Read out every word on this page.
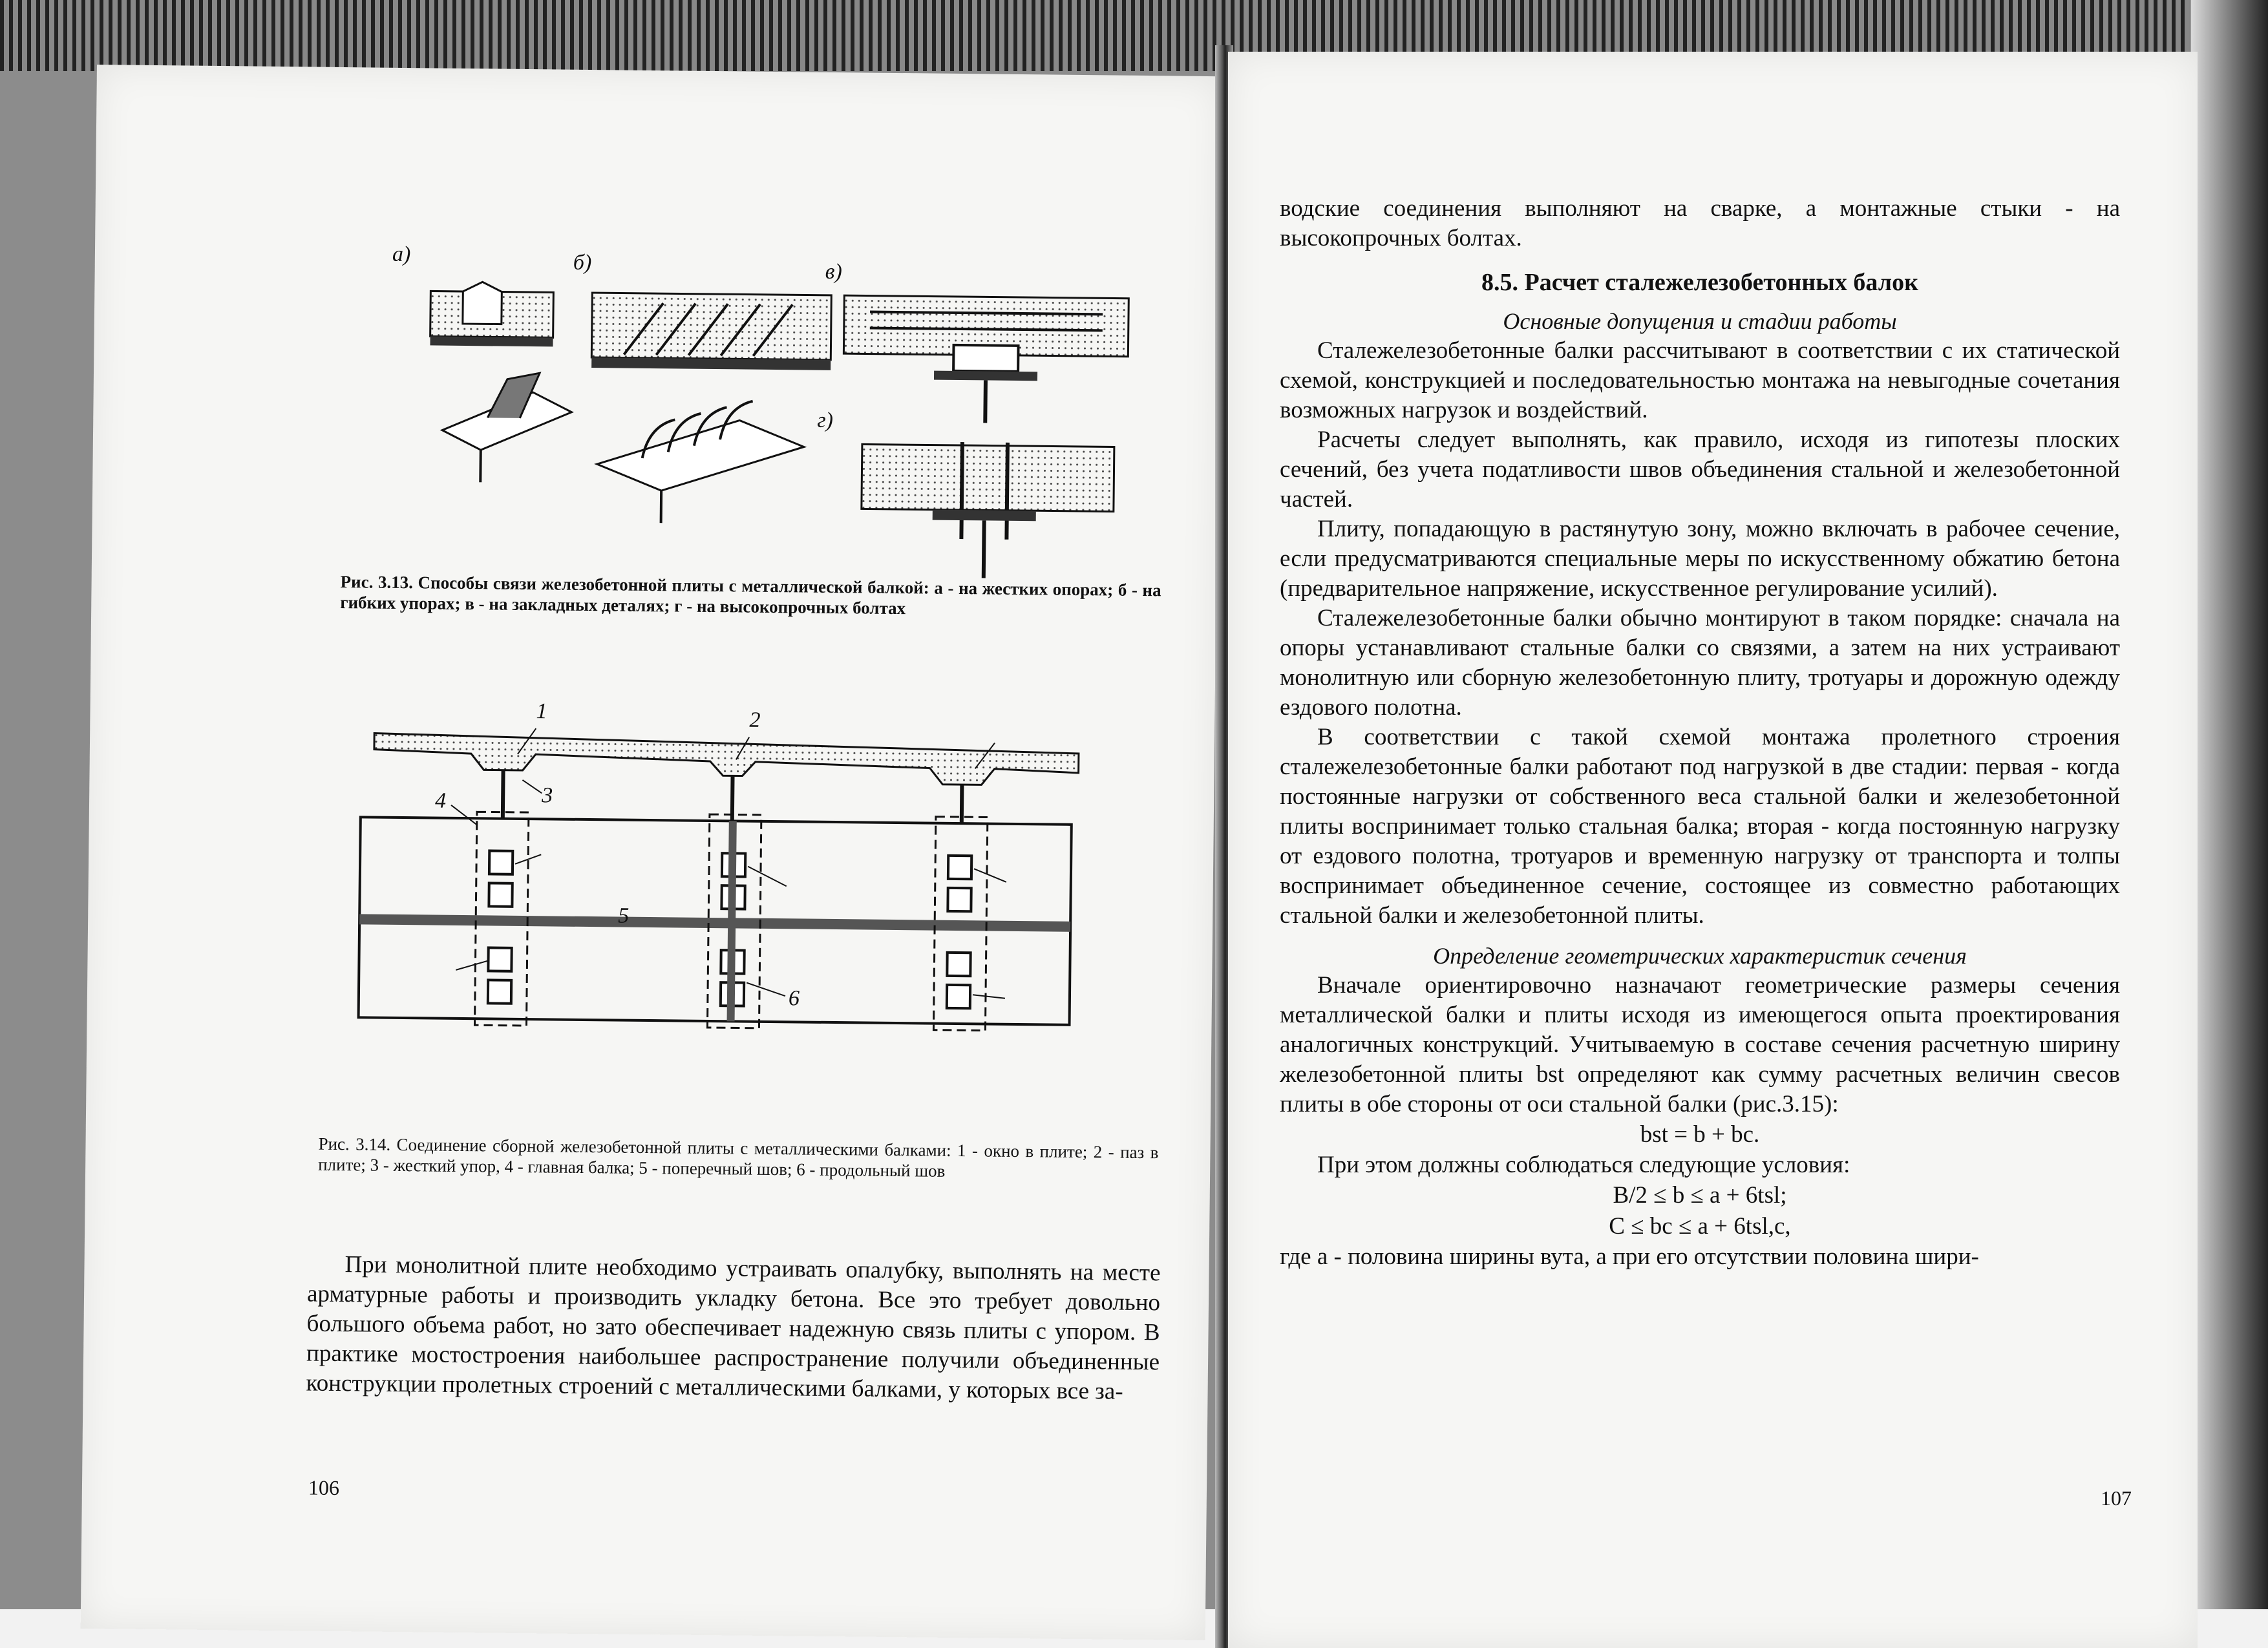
а)	б)	в)
г)

Рис. 3.13. Способы связи железобетонной плиты с металлической балкой: а - на жестких опорах; б - на гибких упорах; в - на закладных деталях; г - на высокопрочных болтах

1	2
3
4
5
6

Рис. 3.14. Соединение сборной железобетонной плиты с металлическими балками: 1 - окно в плите; 2 - паз в плите; 3 - жесткий упор, 4 - главная балка; 5 - поперечный шов; 6 - продольный шов

При монолитной плите необходимо устраивать опалубку, выполнять на месте арматурные работы и производить укладку бетона. Все это требует довольно большого объема работ, но зато обеспечивает надежную связь плиты с упором. В практике мостостроения наибольшее распространение получили объединенные конструкции пролетных строений с металлическими балками, у которых все за-

106

водские соединения выполняют на сварке, а монтажные стыки - на высокопрочных болтах.

8.5. Расчет сталежелезобетонных балок

Основные допущения и стадии работы

Сталежелезобетонные балки рассчитывают в соответствии с их статической схемой, конструкцией и последовательностью монтажа на невыгодные сочетания возможных нагрузок и воздействий.

Расчеты следует выполнять, как правило, исходя из гипотезы плоских сечений, без учета податливости швов объединения стальной и железобетонной частей.

Плиту, попадающую в растянутую зону, можно включать в рабочее сечение, если предусматриваются специальные меры по искусственному обжатию бетона (предварительное напряжение, искусственное регулирование усилий).

Сталежелезобетонные балки обычно монтируют в таком порядке: сначала на опоры устанавливают стальные балки со связями, а затем на них устраивают монолитную или сборную железобетонную плиту, тротуары и дорожную одежду ездового полотна.

В соответствии с такой схемой монтажа пролетного строения сталежелезобетонные балки работают под нагрузкой в две стадии: первая - когда постоянные нагрузки от собственного веса стальной балки и железобетонной плиты воспринимает только стальная балка; вторая - когда постоянную нагрузку от ездового полотна, тротуаров и временную нагрузку от транспорта и толпы воспринимает объединенное сечение, состоящее из совместно работающих стальной балки и железобетонной плиты.

Определение геометрических характеристик сечения

Вначале ориентировочно назначают геометрические размеры сечения металлической балки и плиты исходя из имеющегося опыта проектирования аналогичных конструкций. Учитываемую в составе сечения расчетную ширину железобетонной плиты bst определяют как сумму расчетных величин свесов плиты в обе стороны от оси стальной балки (рис.3.15):

bst = b + bc.

При этом должны соблюдаться следующие условия:

B/2 ≤ b ≤ a + 6tsl;

C ≤ bc ≤ a + 6tsl,c,

где а - половина ширины вута, а при его отсутствии половина шири-

107
